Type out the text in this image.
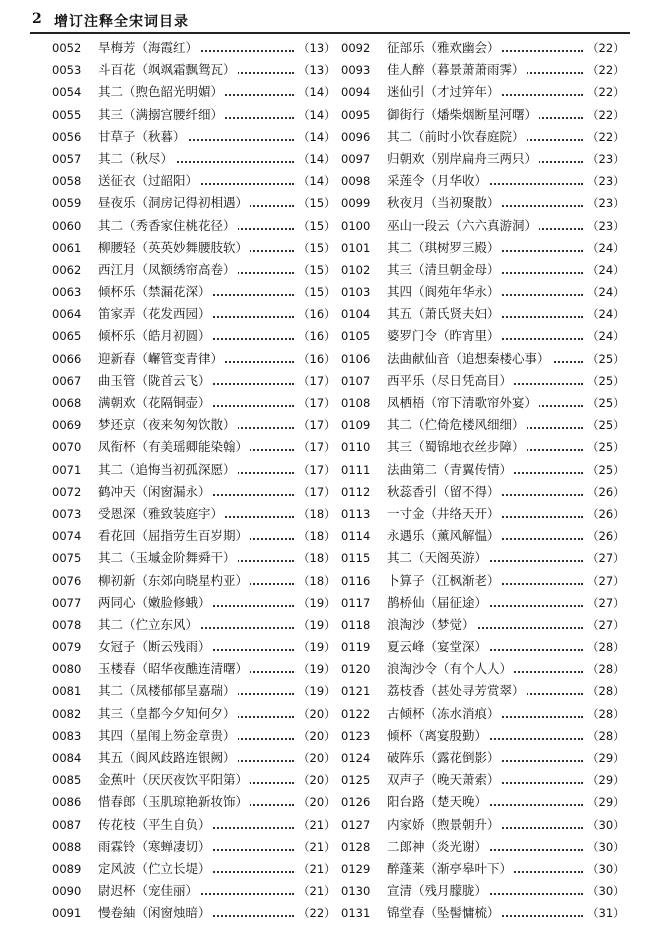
2 增订注释全宋词目录
0052	旱梅芳（海霞红）	（13）
0053	斗百花（飒飒霜飘鸳瓦）	（13）
0054	其二（煦色韶光明媚）	（14）
0055	其三（满搦宫腰纤细）	（14）
0056	甘草子（秋暮）	（14）
0057	其二（秋尽）	（14）
0058	送征衣（过韶阳）	（14）
0059	昼夜乐（洞房记得初相遇）	（15）
0060	其二（秀香家住桃花径）	（15）
0061	柳腰轻（英英妙舞腰肢软）	（15）
0062	西江月（凤额绣帘高卷）	（15）
0063	倾杯乐（禁漏花深）	（15）
0064	笛家弄（花发西园）	（16）
0065	倾杯乐（皓月初圆）	（16）
0066	迎新春（嶰管变青律）	（16）
0067	曲玉管（陇首云飞）	（17）
0068	满朝欢（花隔铜壶）	（17）
0069	梦还京（夜来匆匆饮散）	（17）
0070	凤衔杯（有美瑶卿能染翰）	（17）
0071	其二（追悔当初孤深愿）	（17）
0072	鹤冲天（闲窗漏永）	（17）
0073	受恩深（雅致装庭宇）	（18）
0074	看花回（屈指劳生百岁期）	（18）
0075	其二（玉墄金阶舞舜干）	（18）
0076	柳初新（东郊向晓星杓亚）	（18）
0077	两同心（嫩脸修蛾）	（19）
0078	其二（伫立东风）	（19）
0079	女冠子（断云残雨）	（19）
0080	玉楼春（昭华夜醮连清曙）	（19）
0081	其二（凤楼郁郁呈嘉瑞）	（19）
0082	其三（皇都今夕知何夕）	（20）
0083	其四（星闱上笏金章贵）	（20）
0084	其五（阆风歧路连银阙）	（20）
0085	金蕉叶（厌厌夜饮平阳第）	（20）
0086	惜春郎（玉肌琼艳新妆饰）	（20）
0087	传花枝（平生自负）	（21）
0088	雨霖铃（寒蝉凄切）	（21）
0089	定风波（伫立长堤）	（21）
0090	尉迟杯（宠佳丽）	（21）
0091	慢卷紬（闲窗烛暗）	（22）
0092	征部乐（雅欢幽会）	（22）
0093	佳人醉（暮景萧萧雨霁）	（22）
0094	迷仙引（才过笄年）	（22）
0095	御街行（燔柴烟断星河曙）	（22）
0096	其二（前时小饮春庭院）	（22）
0097	归朝欢（别岸扁舟三两只）	（23）
0098	采莲令（月华收）	（23）
0099	秋夜月（当初聚散）	（23）
0100	巫山一段云（六六真游洞）	（23）
0101	其二（琪树罗三殿）	（24）
0102	其三（清旦朝金母）	（24）
0103	其四（阆苑年华永）	（24）
0104	其五（萧氏贤夫妇）	（24）
0105	婆罗门令（昨宵里）	（24）
0106	法曲献仙音（追想秦楼心事）	（25）
0107	西平乐（尽日凭高目）	（25）
0108	凤栖梧（帘下清歌帘外宴）	（25）
0109	其二（伫倚危楼风细细）	（25）
0110	其三（蜀锦地衣丝步障）	（25）
0111	法曲第二（青翼传情）	（25）
0112	秋蕊香引（留不得）	（26）
0113	一寸金（井络天开）	（26）
0114	永遇乐（薰风解愠）	（26）
0115	其二（天阁英游）	（27）
0116	卜算子（江枫渐老）	（27）
0117	鹊桥仙（届征途）	（27）
0118	浪淘沙（梦觉）	（27）
0119	夏云峰（宴堂深）	（28）
0120	浪淘沙令（有个人人）	（28）
0121	荔枝香（甚处寻芳赏翠）	（28）
0122	古倾杯（冻水消痕）	（28）
0123	倾杯（离宴殷勤）	（28）
0124	破阵乐（露花倒影）	（29）
0125	双声子（晚天萧索）	（29）
0126	阳台路（楚天晚）	（29）
0127	内家娇（煦景朝升）	（30）
0128	二郎神（炎光谢）	（30）
0129	醉蓬莱（渐亭皋叶下）	（30）
0130	宣清（残月朦胧）	（30）
0131	锦堂春（坠髻慵梳）	（31）
